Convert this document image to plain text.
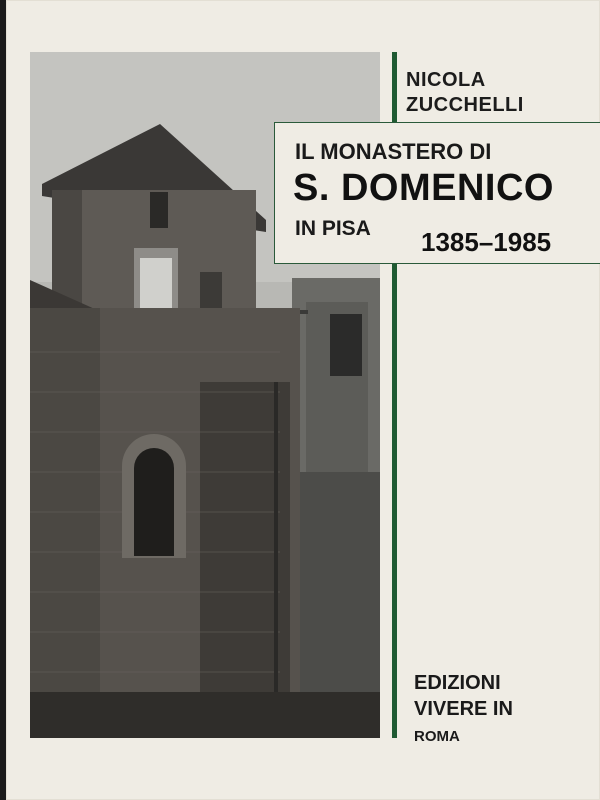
NICOLA
ZUCCHELLI
IL MONASTERO DI
S. DOMENICO
IN PISA 1385–1985
EDIZIONI
VIVERE IN
ROMA
